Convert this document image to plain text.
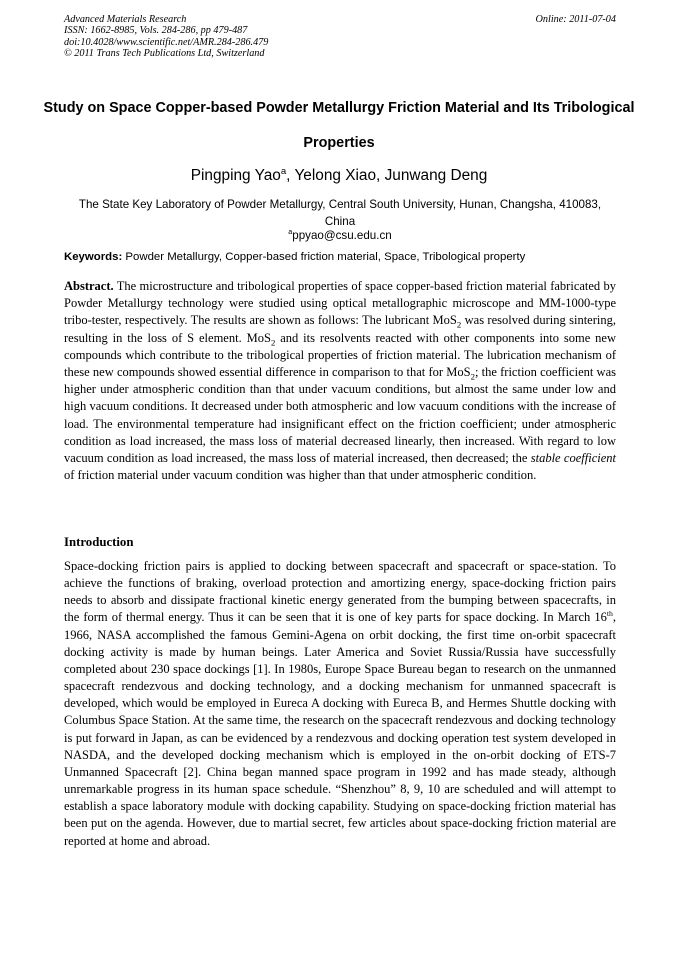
Advanced Materials Research
ISSN: 1662-8985, Vols. 284-286, pp 479-487
doi:10.4028/www.scientific.net/AMR.284-286.479
© 2011 Trans Tech Publications Ltd, Switzerland
Online: 2011-07-04
Study on Space Copper-based Powder Metallurgy Friction Material and Its Tribological Properties
Pingping Yao$^a$, Yelong Xiao, Junwang Deng
The State Key Laboratory of Powder Metallurgy, Central South University, Hunan, Changsha, 410083, China
$^a$ppyao@csu.edu.cn
Keywords: Powder Metallurgy, Copper-based friction material, Space, Tribological property
Abstract. The microstructure and tribological properties of space copper-based friction material fabricated by Powder Metallurgy technology were studied using optical metallographic microscope and MM-1000-type tribo-tester, respectively. The results are shown as follows: The lubricant MoS$_2$ was resolved during sintering, resulting in the loss of S element. MoS$_2$ and its resolvents reacted with other components into some new compounds which contribute to the tribological properties of friction material. The lubrication mechanism of these new compounds showed essential difference in comparison to that for MoS$_2$; the friction coefficient was higher under atmospheric condition than that under vacuum conditions, but almost the same under low and high vacuum conditions. It decreased under both atmospheric and low vacuum conditions with the increase of load. The environmental temperature had insignificant effect on the friction coefficient; under atmospheric condition as load increased, the mass loss of material decreased linearly, then increased. With regard to low vacuum condition as load increased, the mass loss of material increased, then decreased; the stable coefficient of friction material under vacuum condition was higher than that under atmospheric condition.
Introduction
Space-docking friction pairs is applied to docking between spacecraft and spacecraft or space-station. To achieve the functions of braking, overload protection and amortizing energy, space-docking friction pairs needs to absorb and dissipate fractional kinetic energy generated from the bumping between spacecrafts, in the form of thermal energy. Thus it can be seen that it is one of key parts for space docking. In March 16th, 1966, NASA accomplished the famous Gemini-Agena on orbit docking, the first time on-orbit spacecraft docking activity is made by human beings. Later America and Soviet Russia/Russia have successfully completed about 230 space dockings [1]. In 1980s, Europe Space Bureau began to research on the unmanned spacecraft rendezvous and docking technology, and a docking mechanism for unmanned spacecraft is developed, which would be employed in Eureca A docking with Eureca B, and Hermes Shuttle docking with Columbus Space Station. At the same time, the research on the spacecraft rendezvous and docking technology is put forward in Japan, as can be evidenced by a rendezvous and docking operation test system developed in NASDA, and the developed docking mechanism which is employed in the on-orbit docking of ETS-7 Unmanned Spacecraft [2]. China began manned space program in 1992 and has made steady, although unremarkable progress in its human space schedule. “Shenzhou” 8, 9, 10 are scheduled and will attempt to establish a space laboratory module with docking capability. Studying on space-docking friction material has been put on the agenda. However, due to martial secret, few articles about space-docking friction material are reported at home and abroad.
